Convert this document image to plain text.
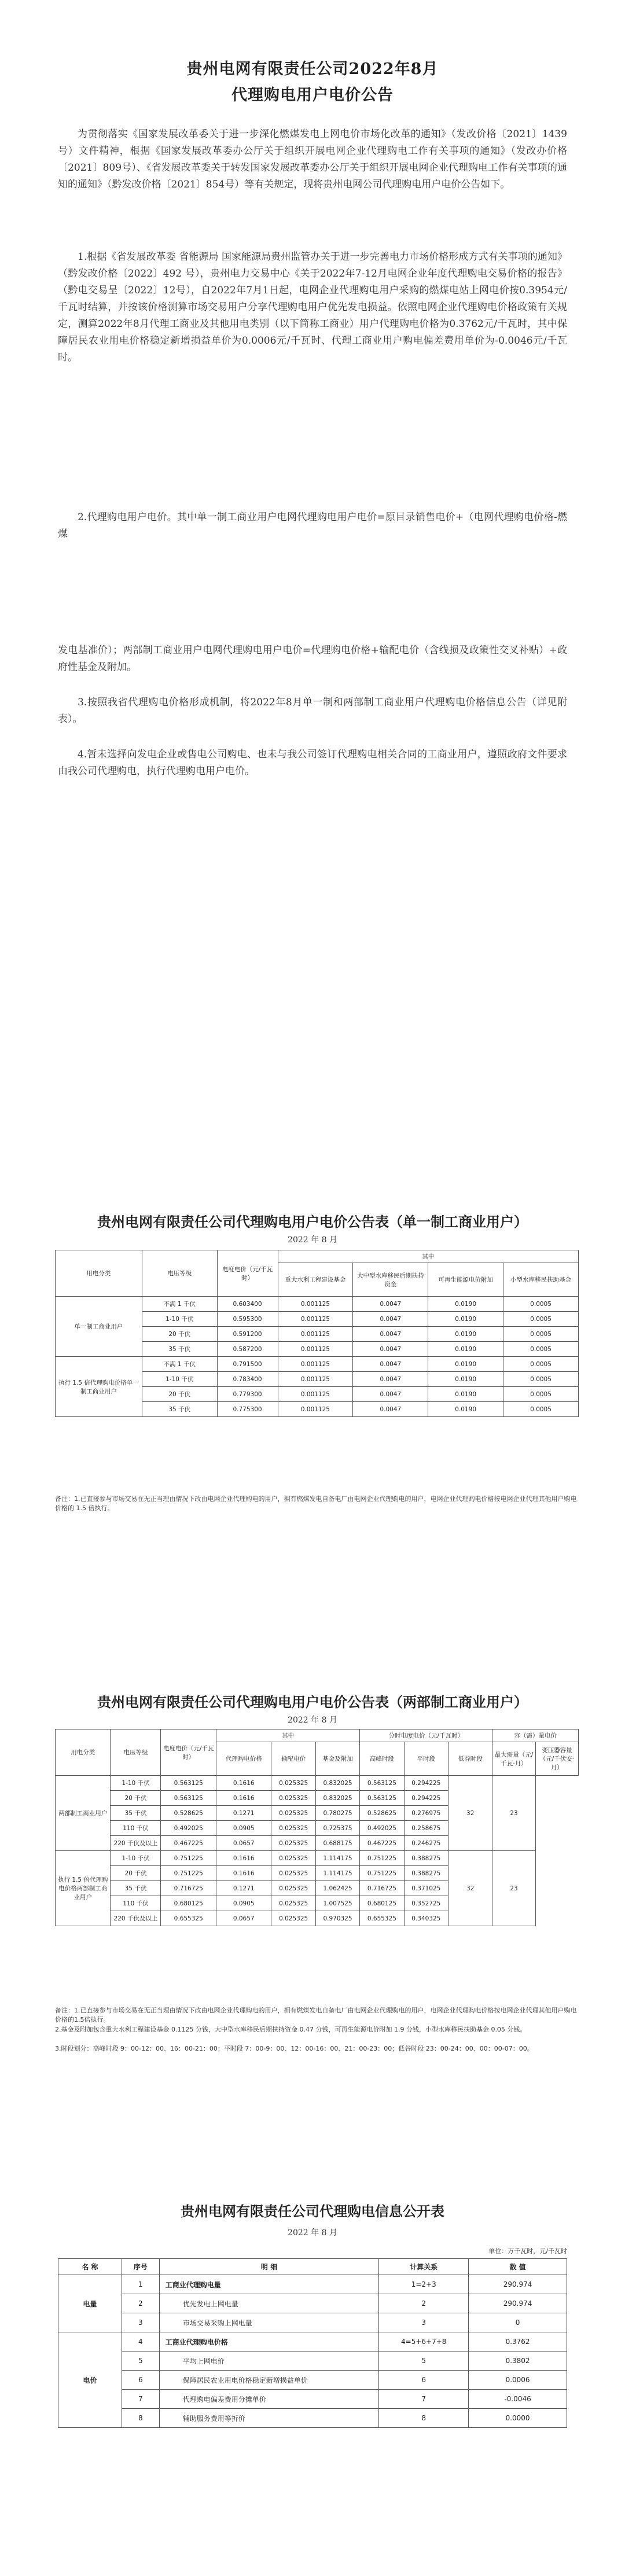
贵州电网有限责任公司2022年8月
代理购电用户电价公告
为贯彻落实《国家发展改革委关于进一步深化燃煤发电上网电价市场化改革的通知》（发改价格〔2021〕1439号）文件精神，根据《国家发展改革委办公厅关于组织开展电网企业代理购电工作有关事项的通知》（发改办价格〔2021〕809号）、《省发展改革委关于转发国家发展改革委办公厅关于组织开展电网企业代理购电工作有关事项的通知的通知》（黔发改价格〔2021〕854号）等有关规定，现将贵州电网公司代理购电用户电价公告如下。
1.根据《省发展改革委 省能源局 国家能源局贵州监管办关于进一步完善电力市场价格形成方式有关事项的通知》（黔发改价格〔2022〕492 号），贵州电力交易中心《关于2022年7-12月电网企业年度代理购电交易价格的报告》（黔电交易呈〔2022〕12号），自2022年7月1日起，电网企业代理购电用户采购的燃煤电站上网电价按0.3954元/千瓦时结算，并按该价格测算市场交易用户分享代理购电用户优先发电损益。依照电网企业代理购电价格政策有关规定，测算2022年8月代理工商业及其他用电类别（以下简称工商业）用户代理购电价格为0.3762元/千瓦时，其中保障居民农业用电价格稳定新增损益单价为0.0006元/千瓦时、代理工商业用户购电偏差费用单价为-0.0046元/千瓦时。
2.代理购电用户电价。其中单一制工商业用户电网代理购电用户电价=原目录销售电价+（电网代理购电价格-燃煤
发电基准价）；两部制工商业用户电网代理购电用户电价=代理购电价格+输配电价（含线损及政策性交叉补贴）+政府性基金及附加。
3.按照我省代理购电价格形成机制，将2022年8月单一制和两部制工商业用户代理购电价格信息公告（详见附表）。
4.暂未选择向发电企业或售电公司购电、也未与我公司签订代理购电相关合同的工商业用户，遵照政府文件要求由我公司代理购电，执行代理购电用户电价。
贵州电网有限责任公司代理购电用户电价公告表（单一制工商业用户）
2022 年 8 月
用电分类	电压等级	电度电价（元/千瓦时）	其中			
			重大水利工程建设基金	大中型水库移民后期扶持资金	可再生能源电价附加	小型水库移民扶助基金
单一制工商业用户	不满 1 千伏	0.603400	0.001125	0.0047	0.0190	0.0005
	1-10 千伏	0.595300	0.001125	0.0047	0.0190	0.0005
	20 千伏	0.591200	0.001125	0.0047	0.0190	0.0005
	35 千伏	0.587200	0.001125	0.0047	0.0190	0.0005
执行 1.5 倍代理购电价格单一制工商业用户	不满 1 千伏	0.791500	0.001125	0.0047	0.0190	0.0005
	1-10 千伏	0.783400	0.001125	0.0047	0.0190	0.0005
	20 千伏	0.779300	0.001125	0.0047	0.0190	0.0005
	35 千伏	0.775300	0.001125	0.0047	0.0190	0.0005
备注：1.已直接参与市场交易在无正当理由情况下改由电网企业代理购电的用户，拥有燃煤发电自备电厂由电网企业代理购电的用户，电网企业代理购电价格按电网企业代理其他用户购电价格的 1.5 倍执行。
贵州电网有限责任公司代理购电用户电价公告表（两部制工商业用户）
2022 年 8 月
用电分类	电压等级	电度电价（元/千瓦时）	其中			分时电度电价（元/千瓦时）			容（需）量电价	
			代理购电价格	输配电价	基金及附加	高峰时段	平时段	低谷时段	最大需量（元/千瓦·月）	变压器容量（元/千伏安·月）
两部制工商业用户	1-10 千伏	0.563125	0.1616	0.025325	0.832025	0.563125	0.294225	32	23	
	20 千伏	0.563125	0.1616	0.025325	0.832025	0.563125	0.294225			
	35 千伏	0.528625	0.1271	0.025325	0.780275	0.528625	0.276975			
	110 千伏	0.492025	0.0905	0.025325	0.725375	0.492025	0.258675			
	220 千伏及以上	0.467225	0.0657	0.025325	0.688175	0.467225	0.246275			
执行 1.5 倍代理购电价格两部制工商业用户	1-10 千伏	0.751225	0.1616	0.025325	1.114175	0.751225	0.388275	32	23	
	20 千伏	0.751225	0.1616	0.025325	1.114175	0.751225	0.388275			
	35 千伏	0.716725	0.1271	0.025325	1.062425	0.716725	0.371025			
	110 千伏	0.680125	0.0905	0.025325	1.007525	0.680125	0.352725			
	220 千伏及以上	0.655325	0.0657	0.025325	0.970325	0.655325	0.340325			
备注：1.已直接参与市场交易在无正当理由情况下改由电网企业代理购电的用户，拥有燃煤发电自备电厂由电网企业代理购电的用户，电网企业代理购电价格按电网企业代理其他用户购电价格的1.5倍执行。
2.基金及附加包含重大水利工程建设基金 0.1125 分钱，大中型水库移民后期扶持资金 0.47 分钱，可再生能源电价附加 1.9 分钱，小型水库移民扶助基金 0.05 分钱。
3.时段划分：高峰时段 9：00-12：00、16：00-21：00；平时段 7：00-9：00、12：00-16：00、21：00-23：00；低谷时段 23：00-24：00、00：00-07：00。
贵州电网有限责任公司代理购电信息公开表
2022 年 8 月
单位：万千瓦时，元/千瓦时
名 称	序号	明 细	计算关系	数 值
电量	1	工商业代理购电量	1=2+3	290.974
	2	优先发电上网电量	2	290.974
	3	市场交易采购上网电量	3	0
电价	4	工商业代理购电价格	4=5+6+7+8	0.3762
	5	平均上网电价	5	0.3802
	6	保障居民农业用电价格稳定新增损益单价	6	0.0006
	7	代理购电偏差费用分摊单价	7	-0.0046
	8	辅助服务费用等折价	8	0.0000
